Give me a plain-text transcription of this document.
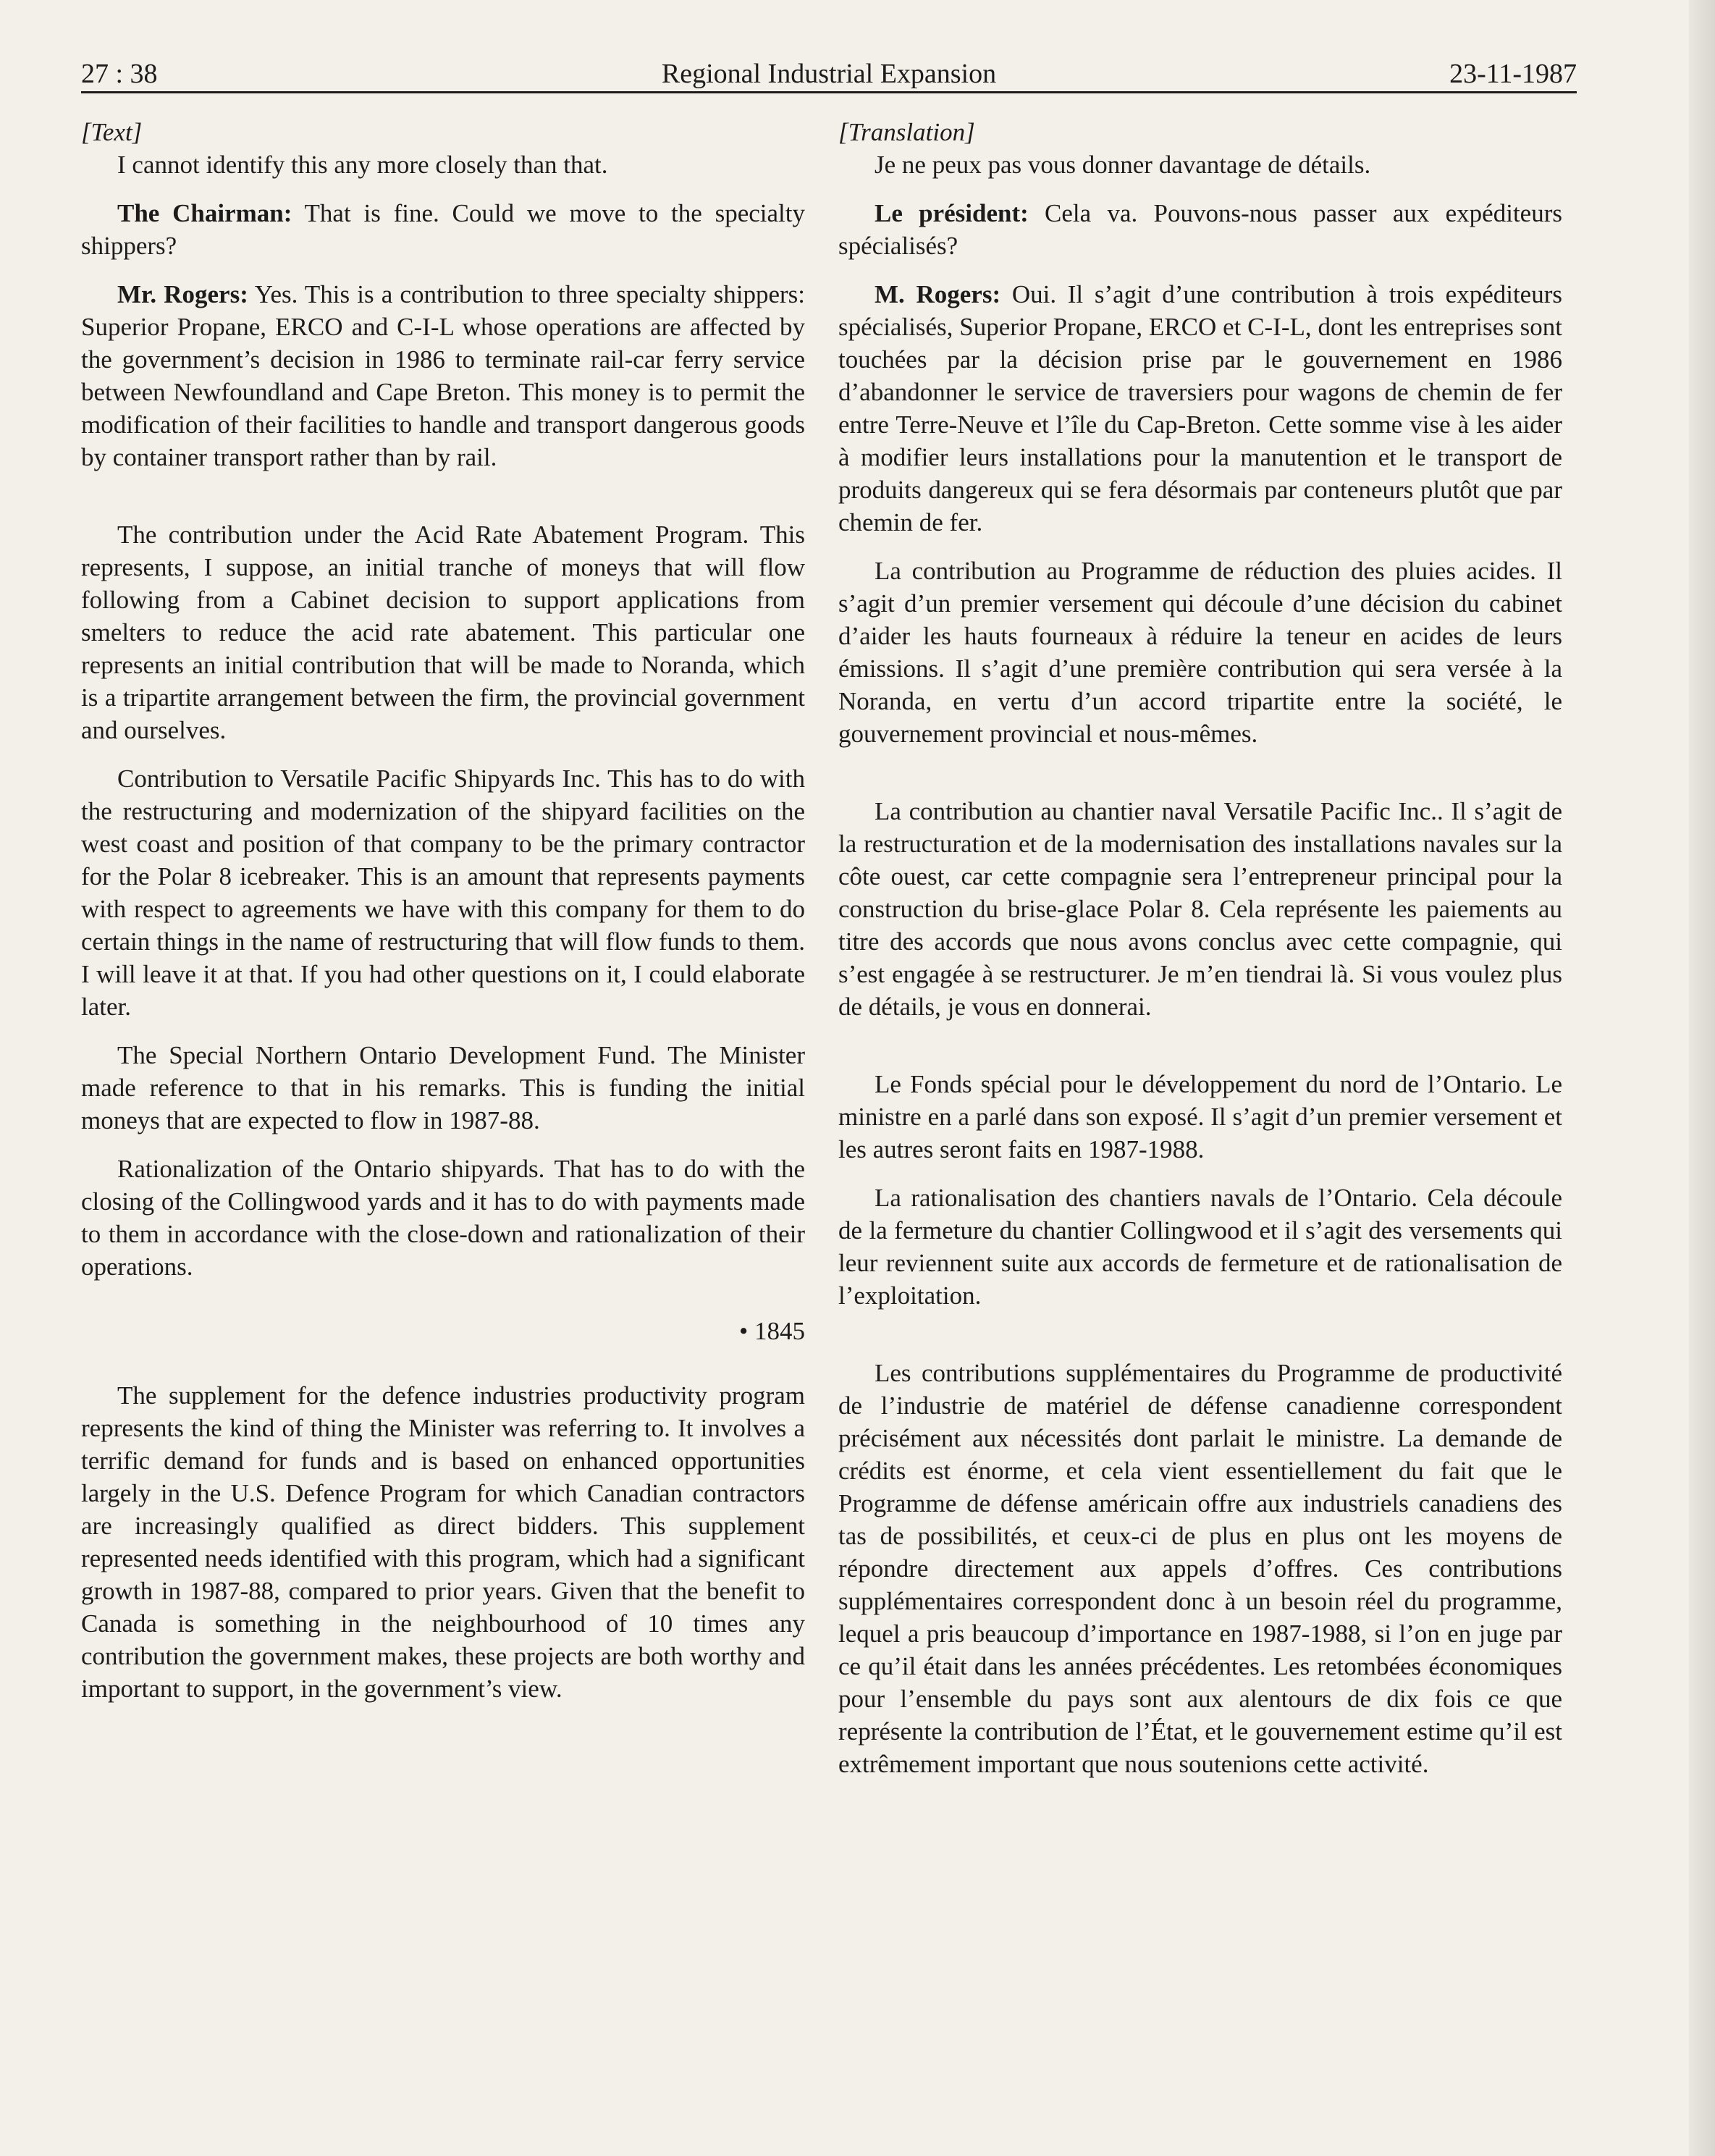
27 : 38	Regional Industrial Expansion	23-11-1987

[Text]

I cannot identify this any more closely than that.

The Chairman: That is fine. Could we move to the specialty shippers?

Mr. Rogers: Yes. This is a contribution to three specialty shippers: Superior Propane, ERCO and C-I-L whose operations are affected by the government’s decision in 1986 to terminate rail-car ferry service between Newfoundland and Cape Breton. This money is to permit the modification of their facilities to handle and transport dangerous goods by container transport rather than by rail.

The contribution under the Acid Rate Abatement Program. This represents, I suppose, an initial tranche of moneys that will flow following from a Cabinet decision to support applications from smelters to reduce the acid rate abatement. This particular one represents an initial contribution that will be made to Noranda, which is a tripartite arrangement between the firm, the provincial government and ourselves.

Contribution to Versatile Pacific Shipyards Inc. This has to do with the restructuring and modernization of the shipyard facilities on the west coast and position of that company to be the primary contractor for the Polar 8 icebreaker. This is an amount that represents payments with respect to agreements we have with this company for them to do certain things in the name of restructuring that will flow funds to them. I will leave it at that. If you had other questions on it, I could elaborate later.

The Special Northern Ontario Development Fund. The Minister made reference to that in his remarks. This is funding the initial moneys that are expected to flow in 1987-88.

Rationalization of the Ontario shipyards. That has to do with the closing of the Collingwood yards and it has to do with payments made to them in accordance with the close-down and rationalization of their operations.

• 1845

The supplement for the defence industries productivity program represents the kind of thing the Minister was referring to. It involves a terrific demand for funds and is based on enhanced opportunities largely in the U.S. Defence Program for which Canadian contractors are increasingly qualified as direct bidders. This supplement represented needs identified with this program, which had a significant growth in 1987-88, compared to prior years. Given that the benefit to Canada is something in the neighbourhood of 10 times any contribution the government makes, these projects are both worthy and important to support, in the government’s view.

[Translation]

Je ne peux pas vous donner davantage de détails.

Le président: Cela va. Pouvons-nous passer aux expéditeurs spécialisés?

M. Rogers: Oui. Il s’agit d’une contribution à trois expéditeurs spécialisés, Superior Propane, ERCO et C-I-L, dont les entreprises sont touchées par la décision prise par le gouvernement en 1986 d’abandonner le service de traversiers pour wagons de chemin de fer entre Terre-Neuve et l’île du Cap-Breton. Cette somme vise à les aider à modifier leurs installations pour la manutention et le transport de produits dangereux qui se fera désormais par conteneurs plutôt que par chemin de fer.

La contribution au Programme de réduction des pluies acides. Il s’agit d’un premier versement qui découle d’une décision du cabinet d’aider les hauts fourneaux à réduire la teneur en acides de leurs émissions. Il s’agit d’une première contribution qui sera versée à la Noranda, en vertu d’un accord tripartite entre la société, le gouvernement provincial et nous-mêmes.

La contribution au chantier naval Versatile Pacific Inc.. Il s’agit de la restructuration et de la modernisation des installations navales sur la côte ouest, car cette compagnie sera l’entrepreneur principal pour la construction du brise-glace Polar 8. Cela représente les paiements au titre des accords que nous avons conclus avec cette compagnie, qui s’est engagée à se restructurer. Je m’en tiendrai là. Si vous voulez plus de détails, je vous en donnerai.

Le Fonds spécial pour le développement du nord de l’Ontario. Le ministre en a parlé dans son exposé. Il s’agit d’un premier versement et les autres seront faits en 1987-1988.

La rationalisation des chantiers navals de l’Ontario. Cela découle de la fermeture du chantier Collingwood et il s’agit des versements qui leur reviennent suite aux accords de fermeture et de rationalisation de l’exploitation.

Les contributions supplémentaires du Programme de productivité de l’industrie de matériel de défense canadienne correspondent précisément aux nécessités dont parlait le ministre. La demande de crédits est énorme, et cela vient essentiellement du fait que le Programme de défense américain offre aux industriels canadiens des tas de possibilités, et ceux-ci de plus en plus ont les moyens de répondre directement aux appels d’offres. Ces contributions supplémentaires correspondent donc à un besoin réel du programme, lequel a pris beaucoup d’importance en 1987-1988, si l’on en juge par ce qu’il était dans les années précédentes. Les retombées économiques pour l’ensemble du pays sont aux alentours de dix fois ce que représente la contribution de l’État, et le gouvernement estime qu’il est extrêmement important que nous soutenions cette activité.
